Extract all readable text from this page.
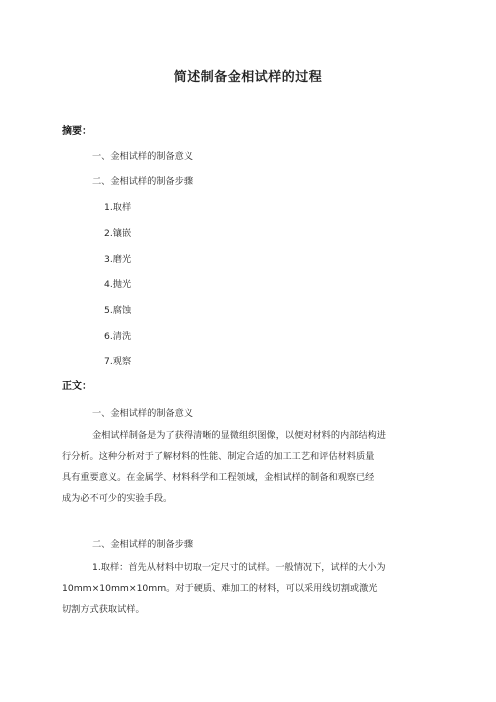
简述制备金相试样的过程
摘要：
一、金相试样的制备意义
二、金相试样的制备步骤
1.取样
2.镶嵌
3.磨光
4.抛光
5.腐蚀
6.清洗
7.观察
正文：
一、金相试样的制备意义
金相试样制备是为了获得清晰的显微组织图像，以便对材料的内部结构进
行分析。这种分析对于了解材料的性能、制定合适的加工工艺和评估材料质量
具有重要意义。在金属学、材料科学和工程领域，金相试样的制备和观察已经
成为必不可少的实验手段。
二、金相试样的制备步骤
1.取样：首先从材料中切取一定尺寸的试样。一般情况下，试样的大小为
10mm×10mm×10mm。对于硬质、难加工的材料，可以采用线切割或激光
切割方式获取试样。
